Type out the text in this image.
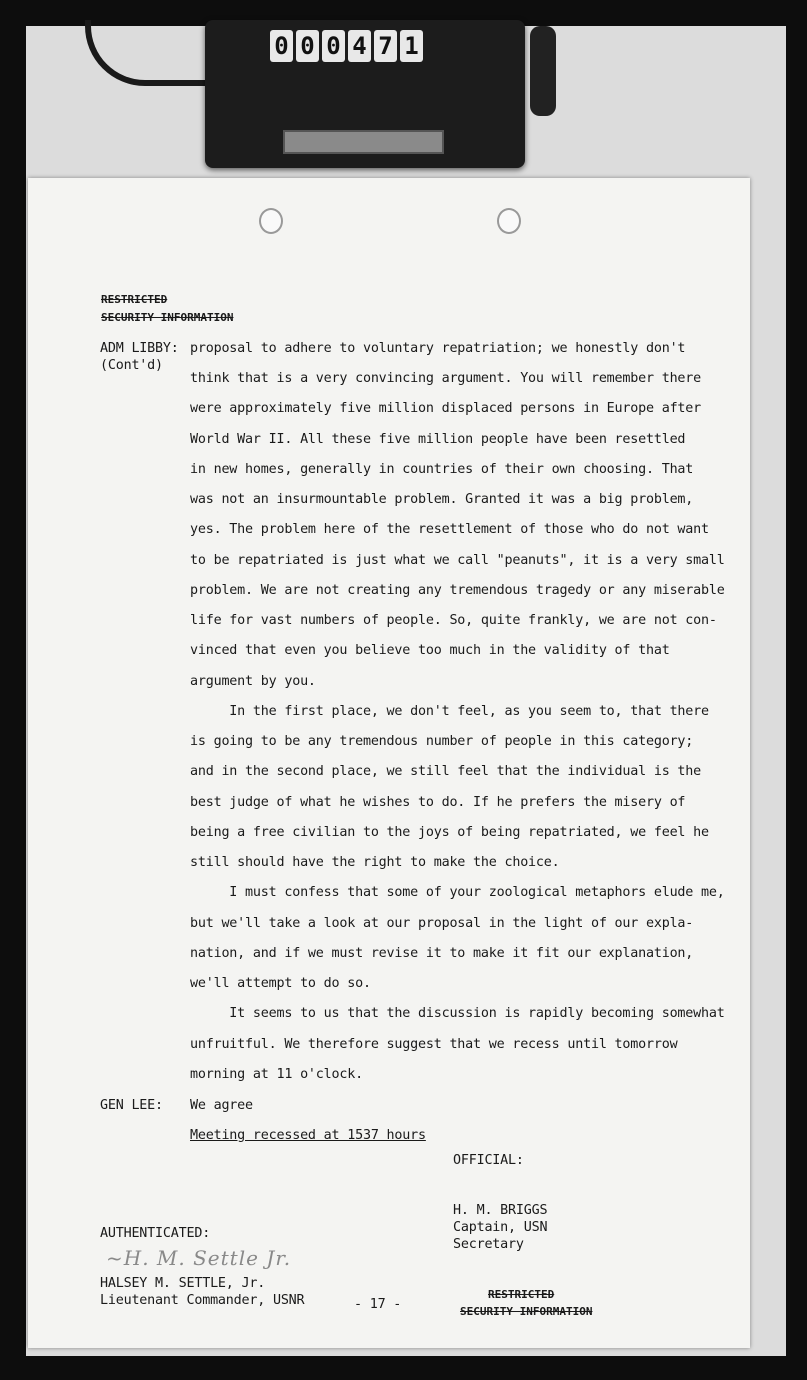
0 0 0 4 7 1
RESTRICTED
SECURITY INFORMATION
ADM LIBBY:
(Cont'd)
proposal to adhere to voluntary repatriation; we honestly don't
think that is a very convincing argument. You will remember there
were approximately five million displaced persons in Europe after
World War II. All these five million people have been resettled
in new homes, generally in countries of their own choosing. That
was not an insurmountable problem. Granted it was a big problem,
yes. The problem here of the resettlement of those who do not want
to be repatriated is just what we call "peanuts", it is a very small
problem. We are not creating any tremendous tragedy or any miserable
life for vast numbers of people. So, quite frankly, we are not con-
vinced that even you believe too much in the validity of that
argument by you.
In the first place, we don't feel, as you seem to, that there
is going to be any tremendous number of people in this category;
and in the second place, we still feel that the individual is the
best judge of what he wishes to do. If he prefers the misery of
being a free civilian to the joys of being repatriated, we feel he
still should have the right to make the choice.
I must confess that some of your zoological metaphors elude me,
but we'll take a look at our proposal in the light of our expla-
nation, and if we must revise it to make it fit our explanation,
we'll attempt to do so.
It seems to us that the discussion is rapidly becoming somewhat
unfruitful. We therefore suggest that we recess until tomorrow
morning at 11 o'clock.
GEN LEE: We agree
Meeting recessed at 1537 hours
OFFICIAL:
H. M. BRIGGS
Captain, USN
Secretary
AUTHENTICATED:
~H. M. Settle Jr.
HALSEY M. SETTLE, Jr.
Lieutenant Commander, USNR	- 17 -
RESTRICTED
SECURITY INFORMATION
